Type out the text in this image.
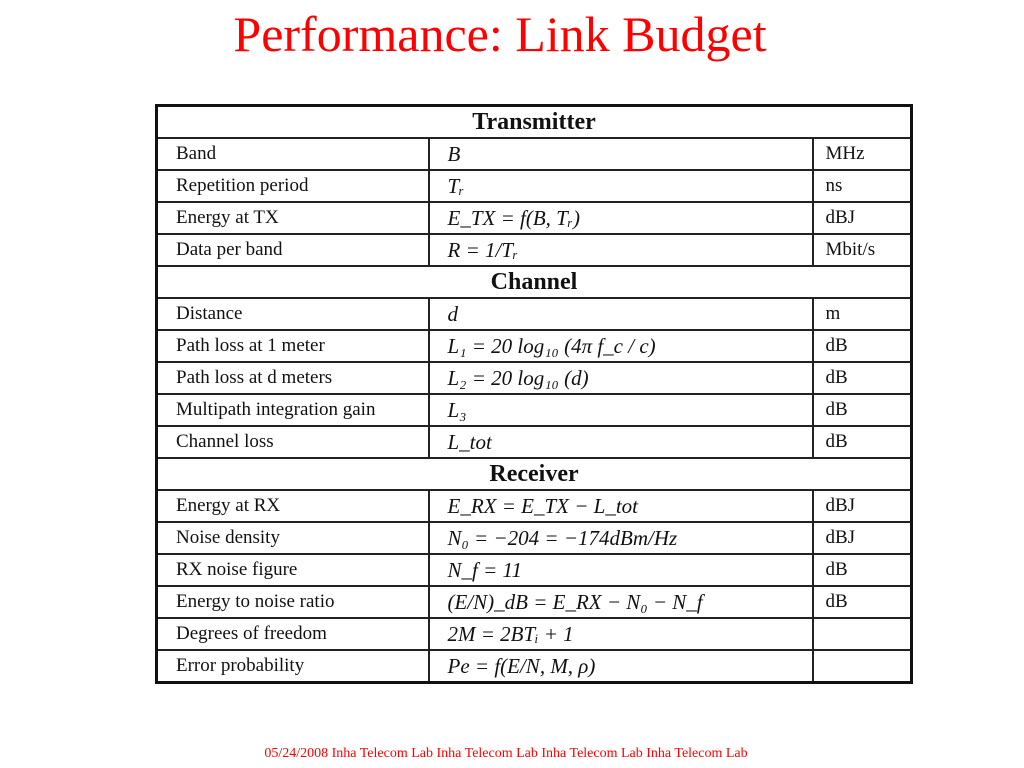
Performance: Link Budget
Transmitter		
Band	B	MHz
Repetition period	Tᵣ	ns
Energy at TX	E_TX = f(B, Tᵣ)	dBJ
Data per band	R = 1/Tᵣ	Mbit/s
Channel		
Distance	d	m
Path loss at 1 meter	L₁ = 20 log₁₀ (4π f_c / c)	dB
Path loss at d meters	L₂ = 20 log₁₀ (d)	dB
Multipath integration gain	L₃	dB
Channel loss	L_tot	dB
Receiver		
Energy at RX	E_RX = E_TX − L_tot	dBJ
Noise density	N₀ = −204 = −174dBm/Hz	dBJ
RX noise figure	N_f = 11	dB
Energy to noise ratio	(E/N)_dB = E_RX − N₀ − N_f	dB
Degrees of freedom	2M = 2BTᵢ + 1	
Error probability	Pe = f(E/N, M, ρ)	
05/24/2008 Inha Telecom Lab Inha Telecom Lab Inha Telecom Lab Inha Telecom Lab
